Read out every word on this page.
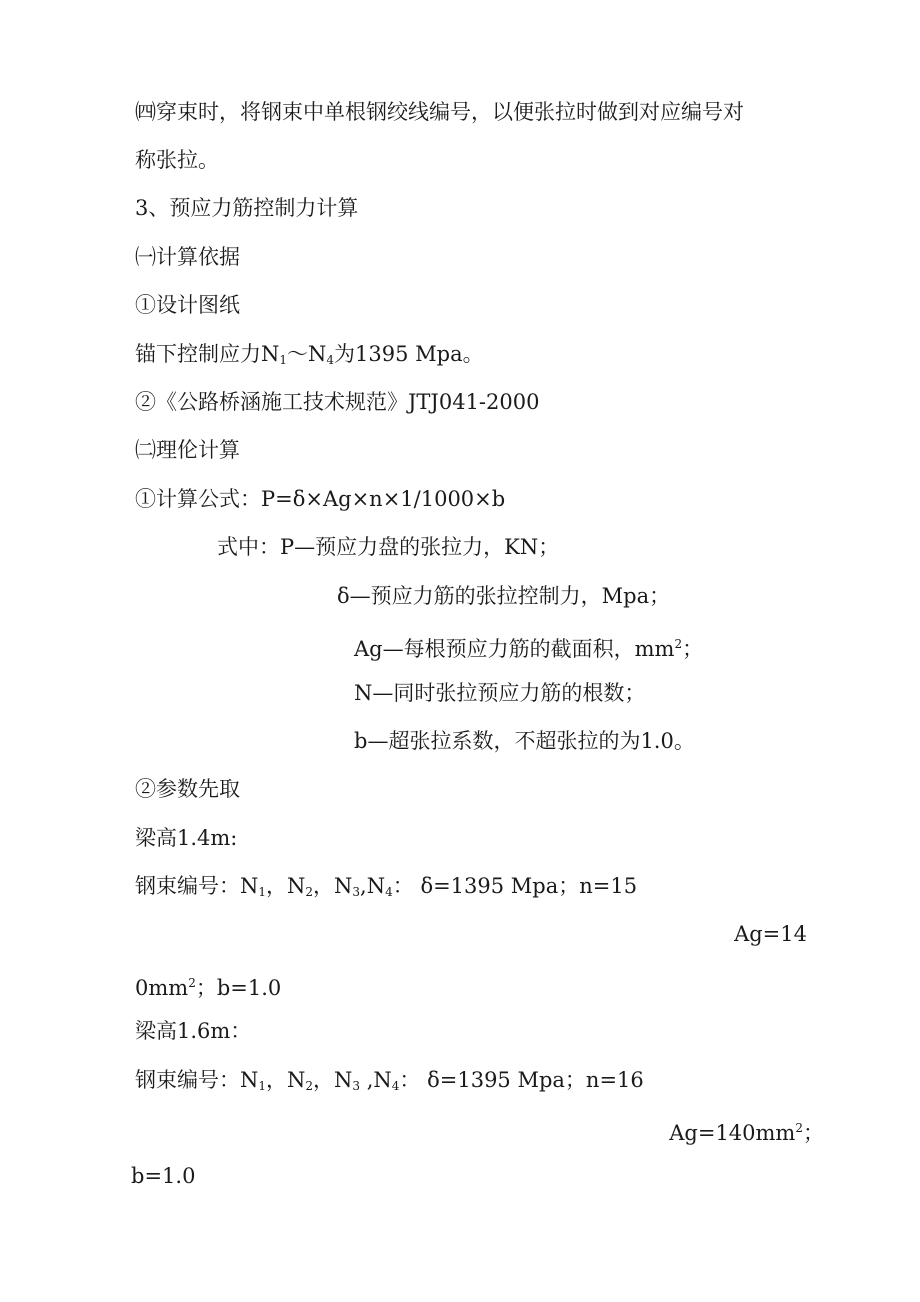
㈣穿束时，将钢束中单根钢绞线编号，以便张拉时做到对应编号对
称张拉。
3、预应力筋控制力计算
㈠计算依据
①设计图纸
锚下控制应力$N_1\sim N_4$为1395 Mpa。
②《公路桥涵施工技术规范》JTJ041-2000
㈡理伦计算
①计算公式：P=δ×Ag×n×1/1000×b
式中：P—预应力盘的张拉力，KN；
δ—预应力筋的张拉控制力，Mpa；
Ag—每根预应力筋的截面积，$mm^2$；
N—同时张拉预应力筋的根数；
b—超张拉系数，不超张拉的为1.0。
②参数先取
梁高1.4m:
钢束编号：$N_1$，$N_2$，$N_3,N_4$： δ=1395 Mpa；n=15
Ag=14
$0mm^2$；b=1.0
梁高1.6m：
钢束编号：$N_1$，$N_2$，$N_3$ $,N_4$： δ=1395 Mpa；n=16
$Ag=140mm^2$；
b=1.0
